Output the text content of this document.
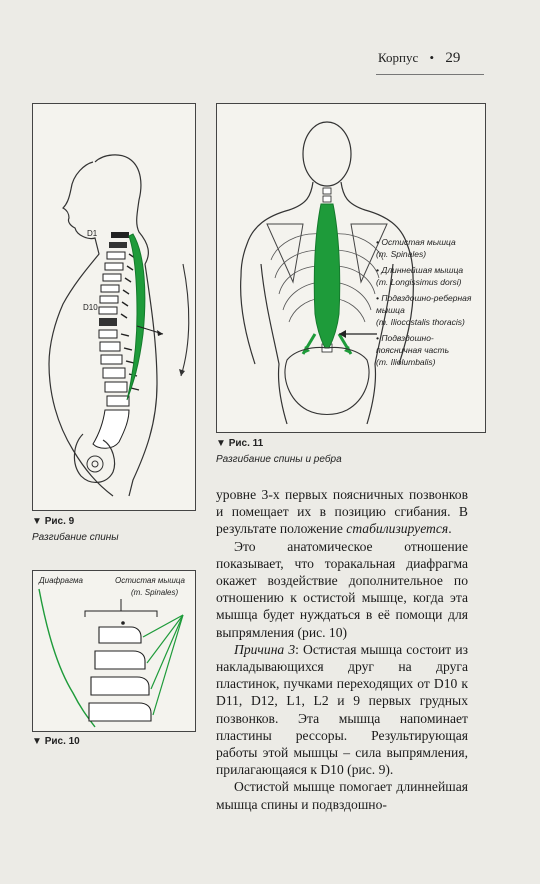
Корпус • 29
D1
D10
▼ Рис. 9
Разгибание спины
Диафрагма	Остистая мышца
(m. Spinales)
▼ Рис. 10
• Остистая мышца
(m. Spinales)
• Длиннейшая мышца
(m. Longissimus dorsi)
• Подвздошно-реберная мышца
(m. Iliocostalis thoracis)
• Подвздошно-поясничная часть
(m. Iliolumbalis)
▼ Рис. 11
Разгибание спины и ребра

уровне 3-х первых поясничных позвонков и помещает их в позицию сгибания. В результате положение стабилизируется.

Это анатомическое отношение показывает, что торакальная диафрагма окажет воздействие дополнительное по отношению к остистой мышце, когда эта мышца будет нуждаться в её помощи для выпрямления (рис. 10)

Причина 3: Остистая мышца состоит из накладывающихся друг на друга пластинок, пучками переходящих от D10 к D11, D12, L1, L2 и 9 первых грудных позвонков. Эта мышца напоминает пластины рессоры. Результирующая работы этой мышцы – сила выпрямления, прилагающаяся к D10 (рис. 9).

Остистой мышце помогает длиннейшая мышца спины и подвздошно-
